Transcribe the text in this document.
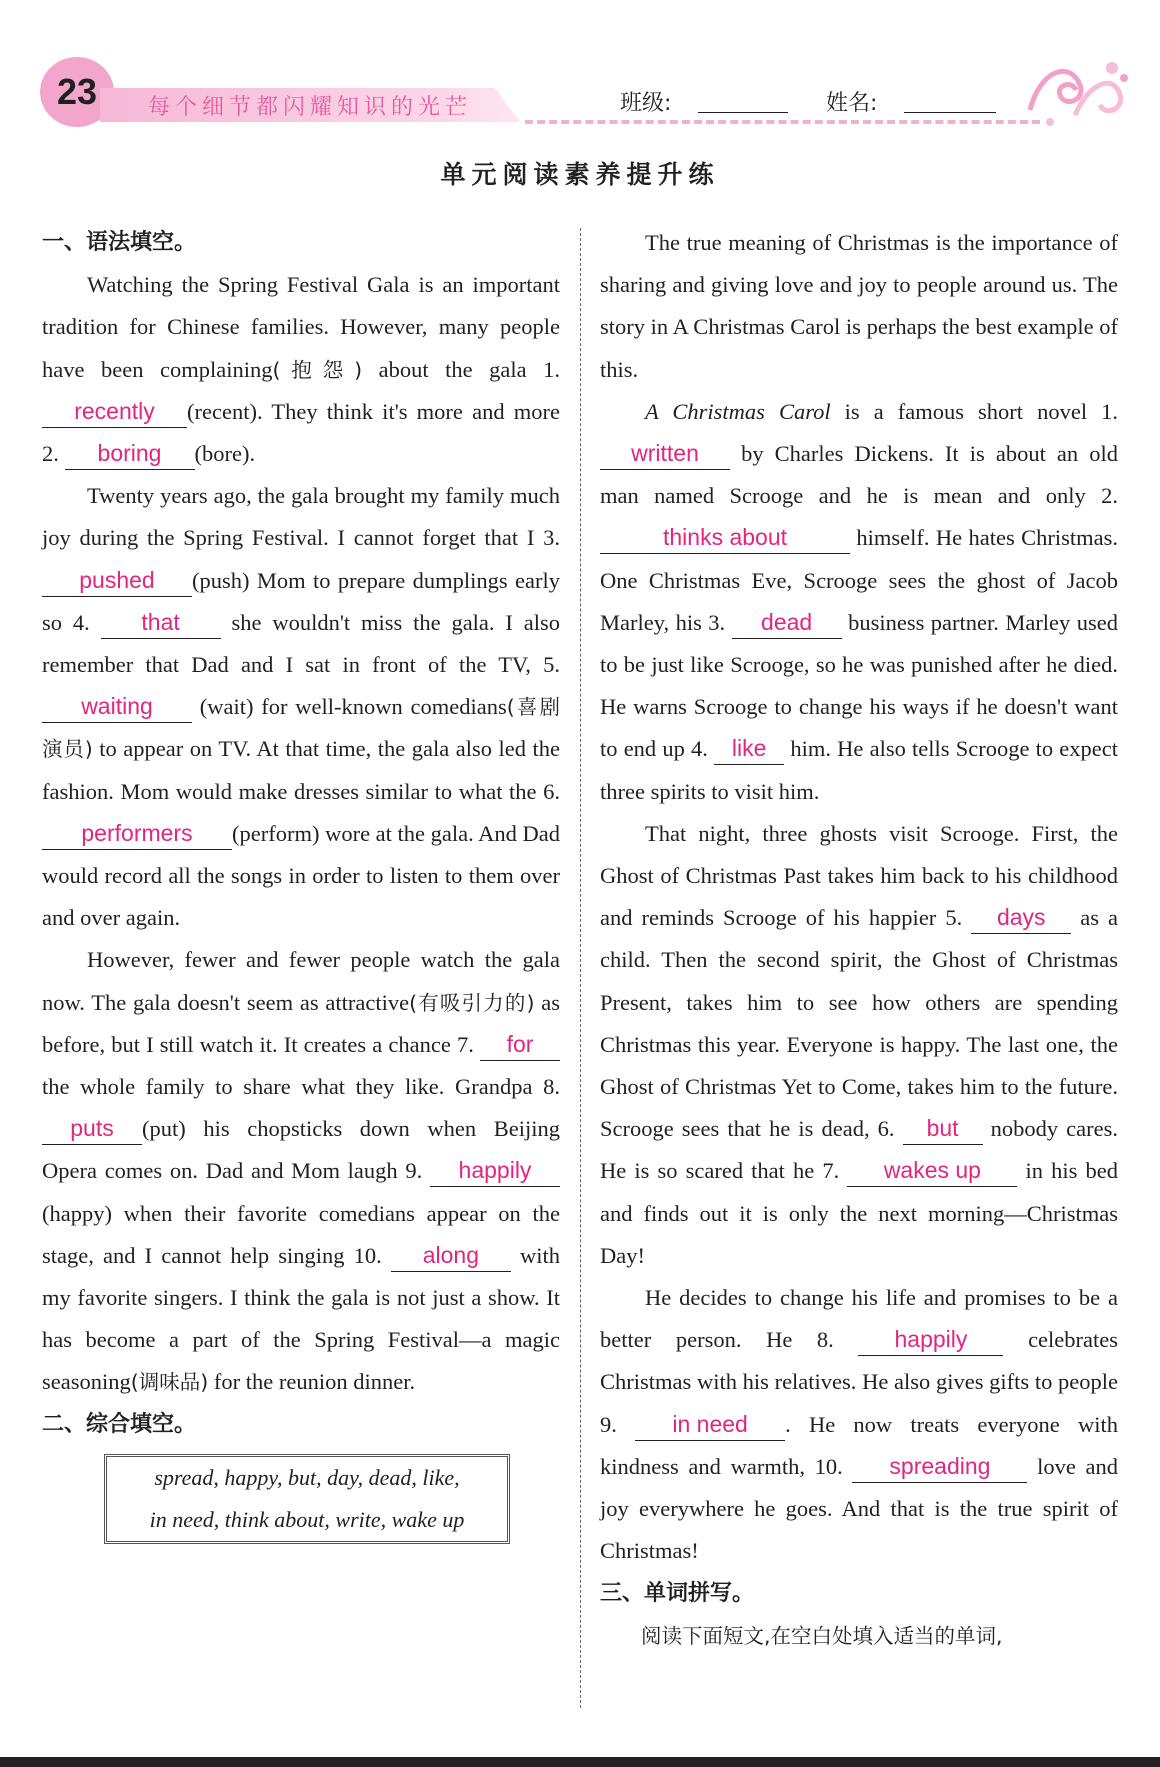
23 每个细节都闪耀知识的光芒	班级:	姓名:
单元阅读素养提升练

一、语法填空。

Watching the Spring Festival Gala is an important tradition for Chinese families. However, many people have been complaining(抱怨) about the gala 1. recently (recent). They think it's more and more 2. boring (bore).

Twenty years ago, the gala brought my family much joy during the Spring Festival. I cannot forget that I 3. pushed (push) Mom to prepare dumplings early so 4. that she wouldn't miss the gala. I also remember that Dad and I sat in front of the TV, 5. waiting (wait) for well-known comedians(喜剧演员) to appear on TV. At that time, the gala also led the fashion. Mom would make dresses similar to what the 6. performers (perform) wore at the gala. And Dad would record all the songs in order to listen to them over and over again.

However, fewer and fewer people watch the gala now. The gala doesn't seem as attractive(有吸引力的) as before, but I still watch it. It creates a chance 7. for the whole family to share what they like. Grandpa 8. puts (put) his chopsticks down when Beijing Opera comes on. Dad and Mom laugh 9. happily(happy) when their favorite comedians appear on the stage, and I cannot help singing 10. along with my favorite singers. I think the gala is not just a show. It has become a part of the Spring Festival—a magic seasoning(调味品) for the reunion dinner.

二、综合填空。

spread, happy, but, day, dead, like,
in need, think about, write, wake up

The true meaning of Christmas is the importance of sharing and giving love and joy to people around us. The story in A Christmas Carol is perhaps the best example of this.

A Christmas Carol is a famous short novel 1. written by Charles Dickens. It is about an old man named Scrooge and he is mean and only 2. thinks about	himself. He hates Christmas. One Christmas Eve, Scrooge sees the ghost of Jacob Marley, his 3. dead business partner. Marley used to be just like Scrooge, so he was punished after he died. He warns Scrooge to change his ways if he doesn't want to end up 4. like him. He also tells Scrooge to expect three spirits to visit him.

That night, three ghosts visit Scrooge. First, the Ghost of Christmas Past takes him back to his childhood and reminds Scrooge of his happier 5. days as a child. Then the second spirit, the Ghost of Christmas Present, takes him to see how others are spending Christmas this year. Everyone is happy. The last one, the Ghost of Christmas Yet to Come, takes him to the future. Scrooge sees that he is dead, 6. but nobody cares. He is so scared that he 7. wakes up in his bed and finds out it is only the next morning—Christmas Day!

He decides to change his life and promises to be a better person. He 8.	happily	celebrates Christmas with his relatives. He also gives gifts to people 9. in need . He now treats everyone with kindness and warmth, 10. spreading love and joy everywhere he goes. And that is the true spirit of Christmas!

三、单词拼写。

阅读下面短文,在空白处填入适当的单词,
